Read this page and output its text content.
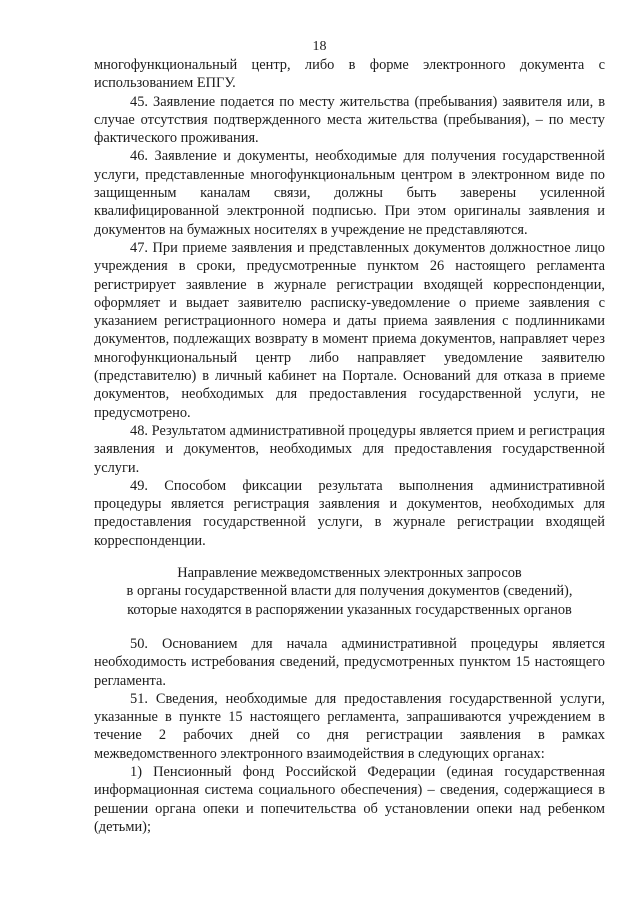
18

многофункциональный центр, либо в форме электронного документа с использованием ЕПГУ.

45. Заявление подается по месту жительства (пребывания) заявителя или, в случае отсутствия подтвержденного места жительства (пребывания), – по месту фактического проживания.

46. Заявление и документы, необходимые для получения государственной услуги, представленные многофункциональным центром в электронном виде по защищенным каналам связи, должны быть заверены усиленной квалифицированной электронной подписью. При этом оригиналы заявления и документов на бумажных носителях в учреждение не представляются.

47. При приеме заявления и представленных документов должностное лицо учреждения в сроки, предусмотренные пунктом 26 настоящего регламента регистрирует заявление в журнале регистрации входящей корреспонденции, оформляет и выдает заявителю расписку-уведомление о приеме заявления с указанием регистрационного номера и даты приема заявления с подлинниками документов, подлежащих возврату в момент приема документов, направляет через многофункциональный центр либо направляет уведомление заявителю (представителю) в личный кабинет на Портале. Оснований для отказа в приеме документов, необходимых для предоставления государственной услуги, не предусмотрено.

48. Результатом административной процедуры является прием и регистрация заявления и документов, необходимых для предоставления государственной услуги.

49. Способом фиксации результата выполнения административной процедуры является регистрация заявления и документов, необходимых для предоставления государственной услуги, в журнале регистрации входящей корреспонденции.

Направление межведомственных электронных запросов
в органы государственной власти для получения документов (сведений),
которые находятся в распоряжении указанных государственных органов

50. Основанием для начала административной процедуры является необходимость истребования сведений, предусмотренных пунктом 15 настоящего регламента.

51. Сведения, необходимые для предоставления государственной услуги, указанные в пункте 15 настоящего регламента, запрашиваются учреждением в течение 2 рабочих дней со дня регистрации заявления в рамках межведомственного электронного взаимодействия в следующих органах:

1) Пенсионный фонд Российской Федерации (единая государственная информационная система социального обеспечения) – сведения, содержащиеся в решении органа опеки и попечительства об установлении опеки над ребенком (детьми);
